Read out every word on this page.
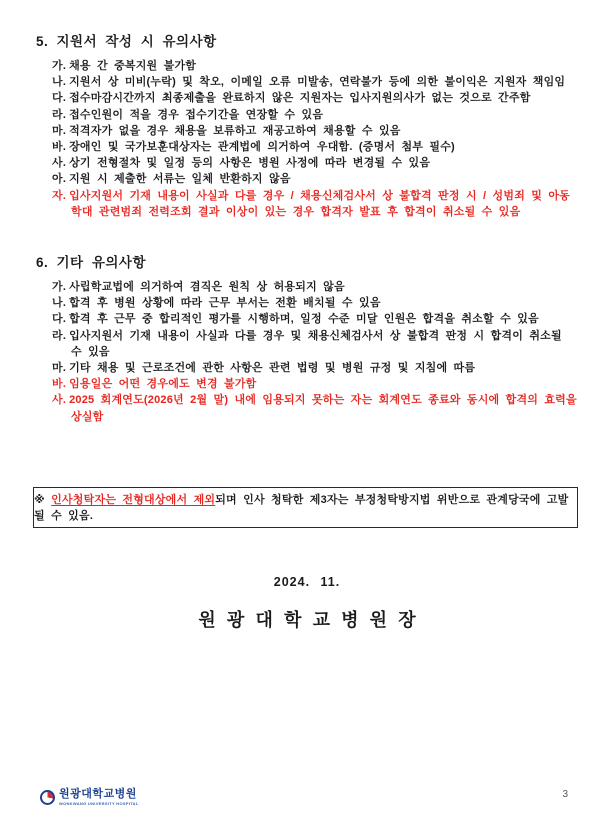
5. 지원서 작성 시 유의사항
가. 채용 간 중복지원 불가함
나. 지원서 상 미비(누락) 및 착오, 이메일 오류 미발송, 연락불가 등에 의한 불이익은 지원자 책임임
다. 접수마감시간까지 최종제출을 완료하지 않은 지원자는 입사지원의사가 없는 것으로 간주함
라. 접수인원이 적을 경우 접수기간을 연장할 수 있음
마. 적격자가 없을 경우 채용을 보류하고 재공고하여 채용할 수 있음
바. 장애인 및 국가보훈대상자는 관계법에 의거하여 우대함. (증명서 첨부 필수)
사. 상기 전형절차 및 일정 등의 사항은 병원 사정에 따라 변경될 수 있음
아. 지원 시 제출한 서류는 일체 반환하지 않음
자. 입사지원서 기재 내용이 사실과 다를 경우 / 채용신체검사서 상 불합격 판정 시 / 성범죄 및 아동학대 관련범죄 전력조회 결과 이상이 있는 경우 합격자 발표 후 합격이 취소될 수 있음
6. 기타 유의사항
가. 사립학교법에 의거하여 겸직은 원칙 상 허용되지 않음
나. 합격 후 병원 상황에 따라 근무 부서는 전환 배치될 수 있음
다. 합격 후 근무 중 합리적인 평가를 시행하며, 일정 수준 미달 인원은 합격을 취소할 수 있음
라. 입사지원서 기재 내용이 사실과 다를 경우 및 채용신체검사서 상 불합격 판정 시 합격이 취소될 수 있음
마. 기타 채용 및 근로조건에 관한 사항은 관련 법령 및 병원 규정 및 지침에 따름
바. 임용일은 어떤 경우에도 변경 불가함
사. 2025 회계연도(2026년 2월 말) 내에 임용되지 못하는 자는 회계연도 종료와 동시에 합격의 효력을 상실함
※ 인사청탁자는 전형대상에서 제외되며 인사 청탁한 제3자는 부정청탁방지법 위반으로 관계당국에 고발 될 수 있음.
2024. 11.
원광대학교병원장
원광대학교병원
WONKWANG UNIVERSITY HOSPITAL
3
